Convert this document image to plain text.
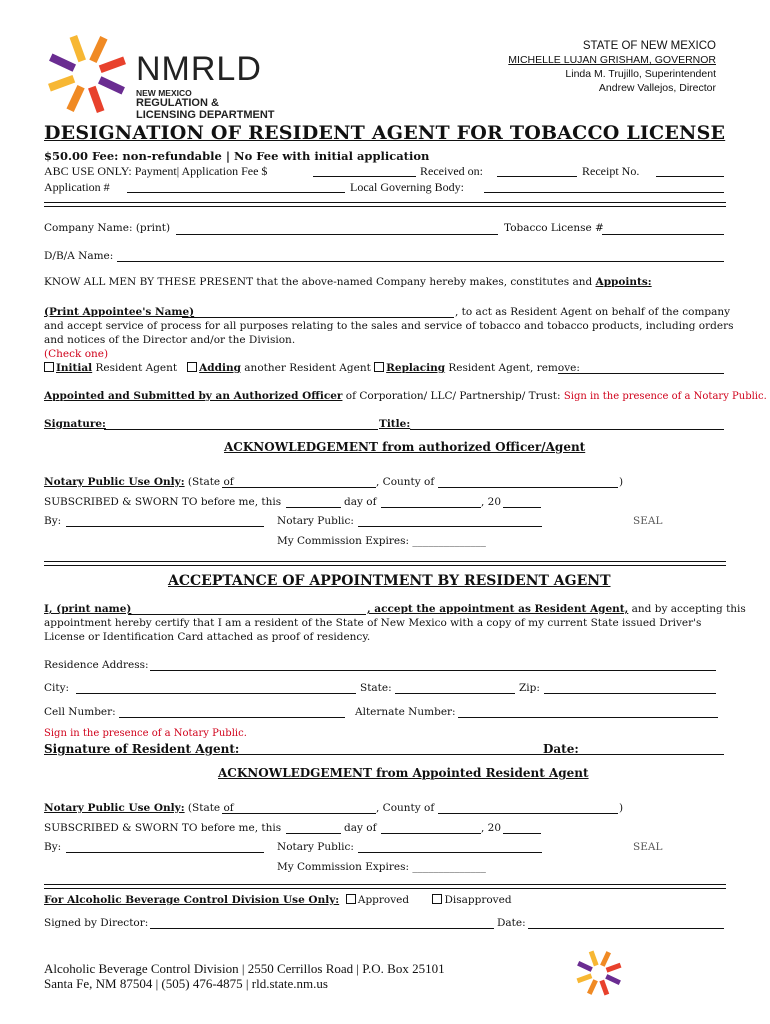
NMRLD
NEW MEXICO
REGULATION &
LICENSING DEPARTMENT
STATE OF NEW MEXICO
MICHELLE LUJAN GRISHAM, GOVERNOR
Linda M. Trujillo, Superintendent
Andrew Vallejos, Director
DESIGNATION OF RESIDENT AGENT FOR TOBACCO LICENSE
$50.00 Fee: non-refundable | No Fee with initial application
ABC USE ONLY: Payment| Application Fee $	Received on:	Receipt No.
Application #	Local Governing Body:
Company Name: (print)	Tobacco License #
D/B/A Name:
KNOW ALL MEN BY THESE PRESENT that the above-named Company hereby makes, constitutes and Appoints:
(Print Appointee's Name)	, to act as Resident Agent on behalf of the company
and accept service of process for all purposes relating to the sales and service of tobacco and tobacco products, including orders
and notices of the Director and/or the Division.
(Check one)
Initial Resident Agent Adding another Resident Agent Replacing Resident Agent, remove:
Appointed and Submitted by an Authorized Officer of Corporation/ LLC/ Partnership/ Trust: Sign in the presence of a Notary Public.
Signature:	Title:
ACKNOWLEDGEMENT from authorized Officer/Agent
Notary Public Use Only: (State of	, County of	)
SUBSCRIBED & SWORN TO before me, this	day of	, 20
By:	Notary Public:	SEAL
My Commission Expires: ______________
ACCEPTANCE OF APPOINTMENT BY RESIDENT AGENT
I, (print name)	, accept the appointment as Resident Agent, and by accepting this
appointment hereby certify that I am a resident of the State of New Mexico with a copy of my current State issued Driver's
License or Identification Card attached as proof of residency.
Residence Address:
City:	State:	Zip:
Cell Number:	Alternate Number:
Sign in the presence of a Notary Public.
Signature of Resident Agent:	Date:
ACKNOWLEDGEMENT from Appointed Resident Agent
Notary Public Use Only: (State of	, County of	)
SUBSCRIBED & SWORN TO before me, this	day of	, 20
By:	Notary Public:	SEAL
My Commission Expires: ______________
For Alcoholic Beverage Control Division Use Only: Approved	Disapproved
Signed by Director:	Date:
Alcoholic Beverage Control Division | 2550 Cerrillos Road | P.O. Box 25101
Santa Fe, NM 87504 | (505) 476-4875 | rld.state.nm.us
